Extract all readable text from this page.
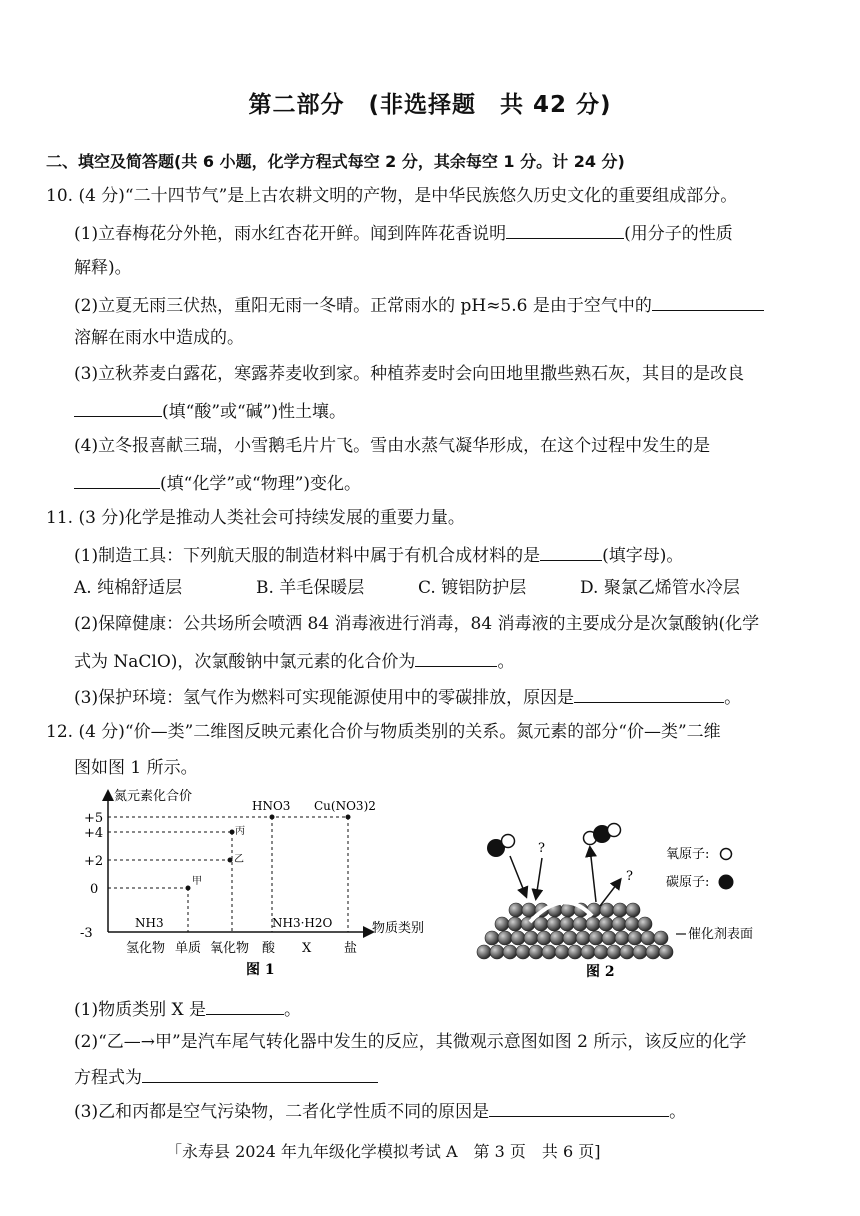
第二部分　(非选择题　共 42 分)
二、填空及简答题(共 6 小题，化学方程式每空 2 分，其余每空 1 分。计 24 分)
10. (4 分)“二十四节气”是上古农耕文明的产物，是中华民族悠久历史文化的重要组成部分。
(1)立春梅花分外艳，雨水红杏花开鲜。闻到阵阵花香说明	(用分子的性质
解释)。
(2)立夏无雨三伏热，重阳无雨一冬晴。正常雨水的 pH≈5.6 是由于空气中的
溶解在雨水中造成的。
(3)立秋荞麦白露花，寒露荞麦收到家。种植荞麦时会向田地里撒些熟石灰，其目的是改良
(填“酸”或“碱”)性土壤。
(4)立冬报喜献三瑞，小雪鹅毛片片飞。雪由水蒸气凝华形成，在这个过程中发生的是
(填“化学”或“物理”)变化。
11. (3 分)化学是推动人类社会可持续发展的重要力量。
(1)制造工具：下列航天服的制造材料中属于有机合成材料的是	(填字母)。
A. 纯棉舒适层	B. 羊毛保暖层	C. 镀铝防护层	D. 聚氯乙烯管水冷层
(2)保障健康：公共场所会喷洒 84 消毒液进行消毒，84 消毒液的主要成分是次氯酸钠(化学
式为 NaClO)，次氯酸钠中氯元素的化合价为	。
(3)保护环境：氢气作为燃料可实现能源使用中的零碳排放，原因是	。
12. (4 分)“价—类”二维图反映元素化合价与物质类别的关系。氮元素的部分“价—类”二维
图如图 1 所示。
氮元素化合价
物质类别
+5
+4
+2
0
-3
NH3
甲
乙
丙
HNO3 Cu(NO3)2
NH3·H2O
氢化物 单质 氧化物 酸 X	盐
图 1
?
?
氧原子:
碳原子:
催化剂表面
图 2
(1)物质类别 X 是	。
(2)“乙—→甲”是汽车尾气转化器中发生的反应，其微观示意图如图 2 所示，该反应的化学
方程式为
(3)乙和丙都是空气污染物，二者化学性质不同的原因是	。
「永寿县 2024 年九年级化学模拟考试 A　第 3 页　共 6 页]
